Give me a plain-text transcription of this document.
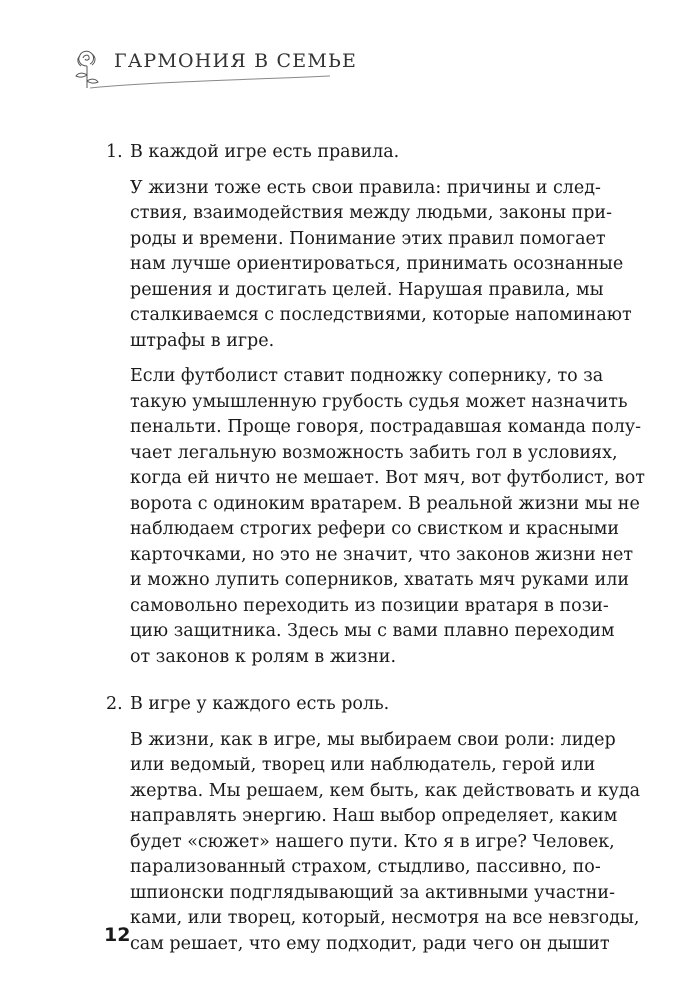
ГАРМОНИЯ В СЕМЬЕ
1. В каждой игре есть правила.
У жизни тоже есть свои правила: причины и след-
ствия, взаимодействия между людьми, законы при-
роды и времени. Понимание этих правил помогает
нам лучше ориентироваться, принимать осознанные
решения и достигать целей. Нарушая правила, мы
сталкиваемся с последствиями, которые напоминают
штрафы в игре.
Если футболист ставит подножку сопернику, то за
такую умышленную грубость судья может назначить
пенальти. Проще говоря, пострадавшая команда полу-
чает легальную возможность забить гол в условиях,
когда ей ничто не мешает. Вот мяч, вот футболист, вот
ворота с одиноким вратарем. В реальной жизни мы не
наблюдаем строгих рефери со свистком и красными
карточками, но это не значит, что законов жизни нет
и можно лупить соперников, хватать мяч руками или
самовольно переходить из позиции вратаря в пози-
цию защитника. Здесь мы с вами плавно переходим
от законов к ролям в жизни.
2. В игре у каждого есть роль.
В жизни, как в игре, мы выбираем свои роли: лидер
или ведомый, творец или наблюдатель, герой или
жертва. Мы решаем, кем быть, как действовать и куда
направлять энергию. Наш выбор определяет, каким
будет «сюжет» нашего пути. Кто я в игре? Человек,
парализованный страхом, стыдливо, пассивно, по-
шпионски подглядывающий за активными участни-
ками, или творец, который, несмотря на все невзгоды,
сам решает, что ему подходит, ради чего он дышит
12
